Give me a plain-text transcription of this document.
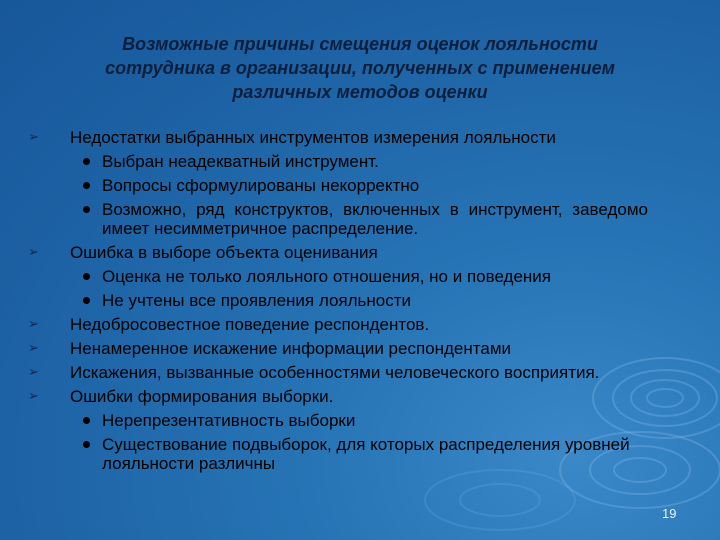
Возможные причины смещения оценок лояльности
сотрудника в организации, полученных с применением
различных методов оценки
➢ Недостатки выбранных инструментов измерения лояльности
Выбран неадекватный инструмент.
Вопросы сформулированы некорректно
Возможно, ряд конструктов, включенных в инструмент, заведомо имеет несимметричное распределение.
➢ Ошибка в выборе объекта оценивания
Оценка не только лояльного отношения, но и поведения
Не учтены все проявления лояльности
➢ Недобросовестное поведение респондентов.
➢ Ненамеренное искажение информации респондентами
➢ Искажения, вызванные особенностями человеческого восприятия.
➢ Ошибки формирования выборки.
Нерепрезентативность выборки
Существование подвыборок, для которых распределения уровней лояльности различны
19
